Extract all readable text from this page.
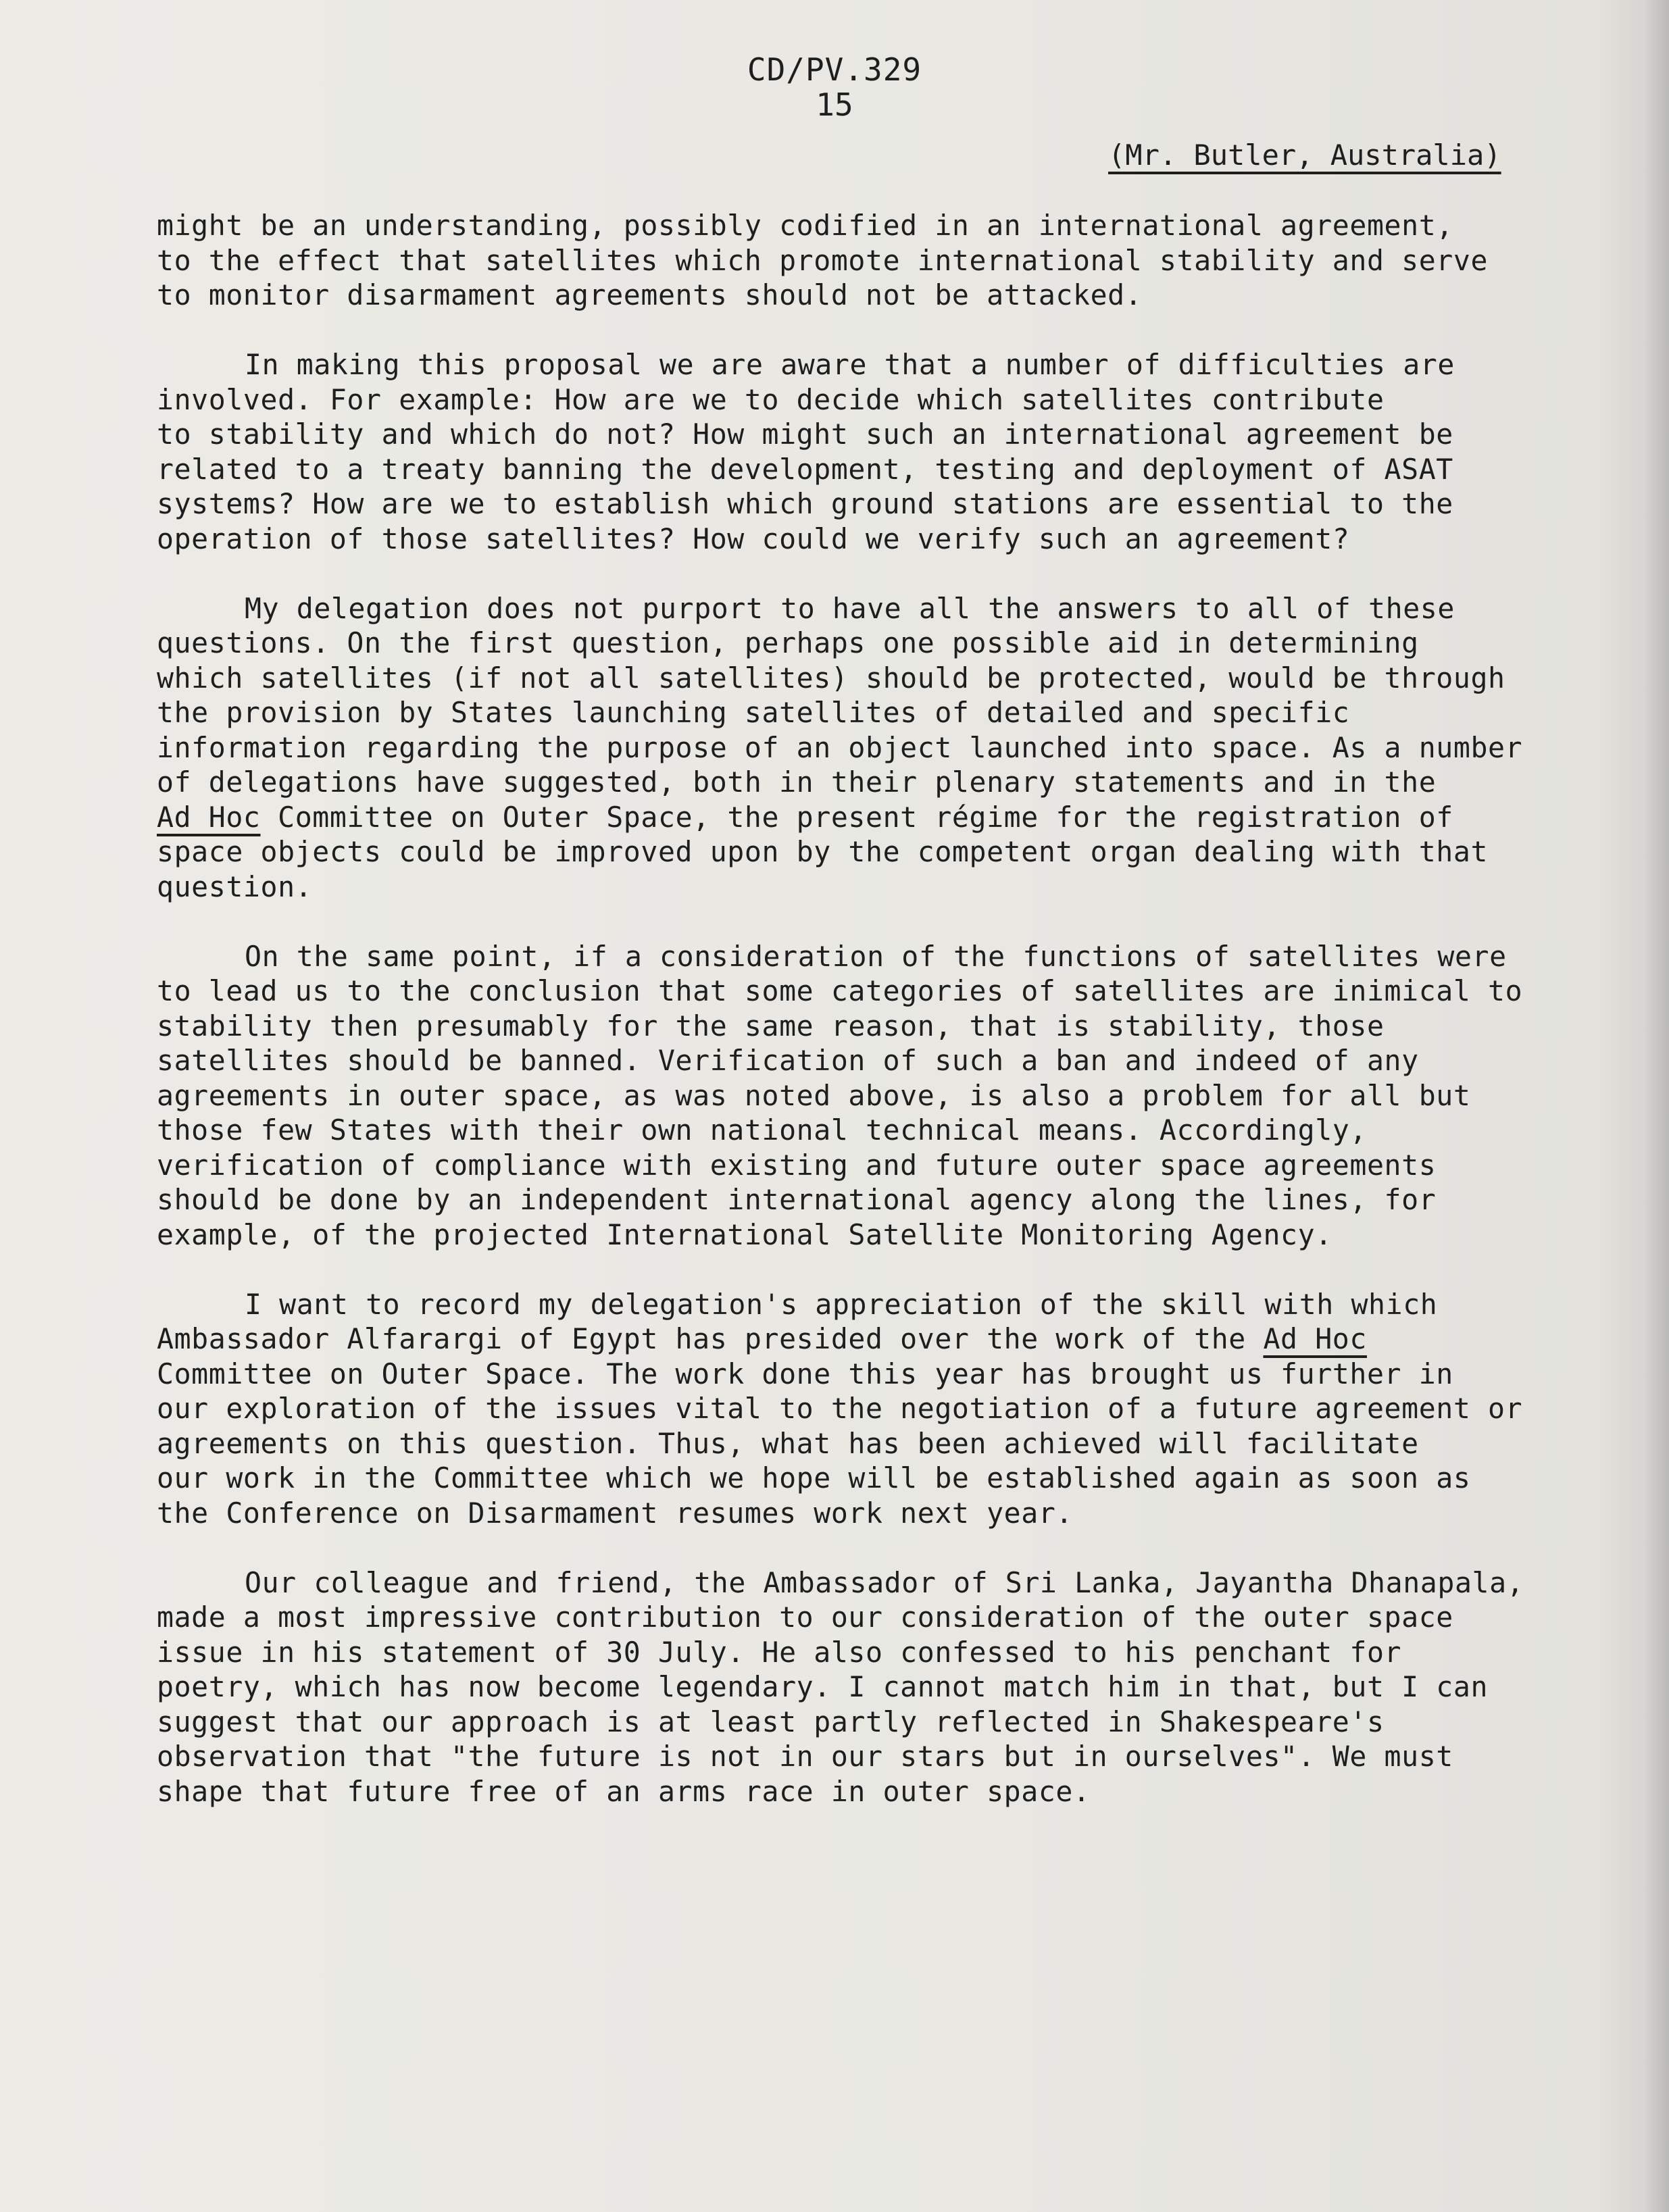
CD/PV.329
15
(Mr. Butler, Australia)
might be an understanding, possibly codified in an international agreement,
to the effect that satellites which promote international stability and serve
to monitor disarmament agreements should not be attacked.
In making this proposal we are aware that a number of difficulties are
involved. For example: How are we to decide which satellites contribute
to stability and which do not? How might such an international agreement be
related to a treaty banning the development, testing and deployment of ASAT
systems? How are we to establish which ground stations are essential to the
operation of those satellites? How could we verify such an agreement?
My delegation does not purport to have all the answers to all of these
questions. On the first question, perhaps one possible aid in determining
which satellites (if not all satellites) should be protected, would be through
the provision by States launching satellites of detailed and specific
information regarding the purpose of an object launched into space. As a number
of delegations have suggested, both in their plenary statements and in the
Ad Hoc Committee on Outer Space, the present régime for the registration of
space objects could be improved upon by the competent organ dealing with that
question.
On the same point, if a consideration of the functions of satellites were
to lead us to the conclusion that some categories of satellites are inimical to
stability then presumably for the same reason, that is stability, those
satellites should be banned. Verification of such a ban and indeed of any
agreements in outer space, as was noted above, is also a problem for all but
those few States with their own national technical means. Accordingly,
verification of compliance with existing and future outer space agreements
should be done by an independent international agency along the lines, for
example, of the projected International Satellite Monitoring Agency.
I want to record my delegation's appreciation of the skill with which
Ambassador Alfarargi of Egypt has presided over the work of the Ad Hoc
Committee on Outer Space. The work done this year has brought us further in
our exploration of the issues vital to the negotiation of a future agreement or
agreements on this question. Thus, what has been achieved will facilitate
our work in the Committee which we hope will be established again as soon as
the Conference on Disarmament resumes work next year.
Our colleague and friend, the Ambassador of Sri Lanka, Jayantha Dhanapala,
made a most impressive contribution to our consideration of the outer space
issue in his statement of 30 July. He also confessed to his penchant for
poetry, which has now become legendary. I cannot match him in that, but I can
suggest that our approach is at least partly reflected in Shakespeare's
observation that "the future is not in our stars but in ourselves". We must
shape that future free of an arms race in outer space.
